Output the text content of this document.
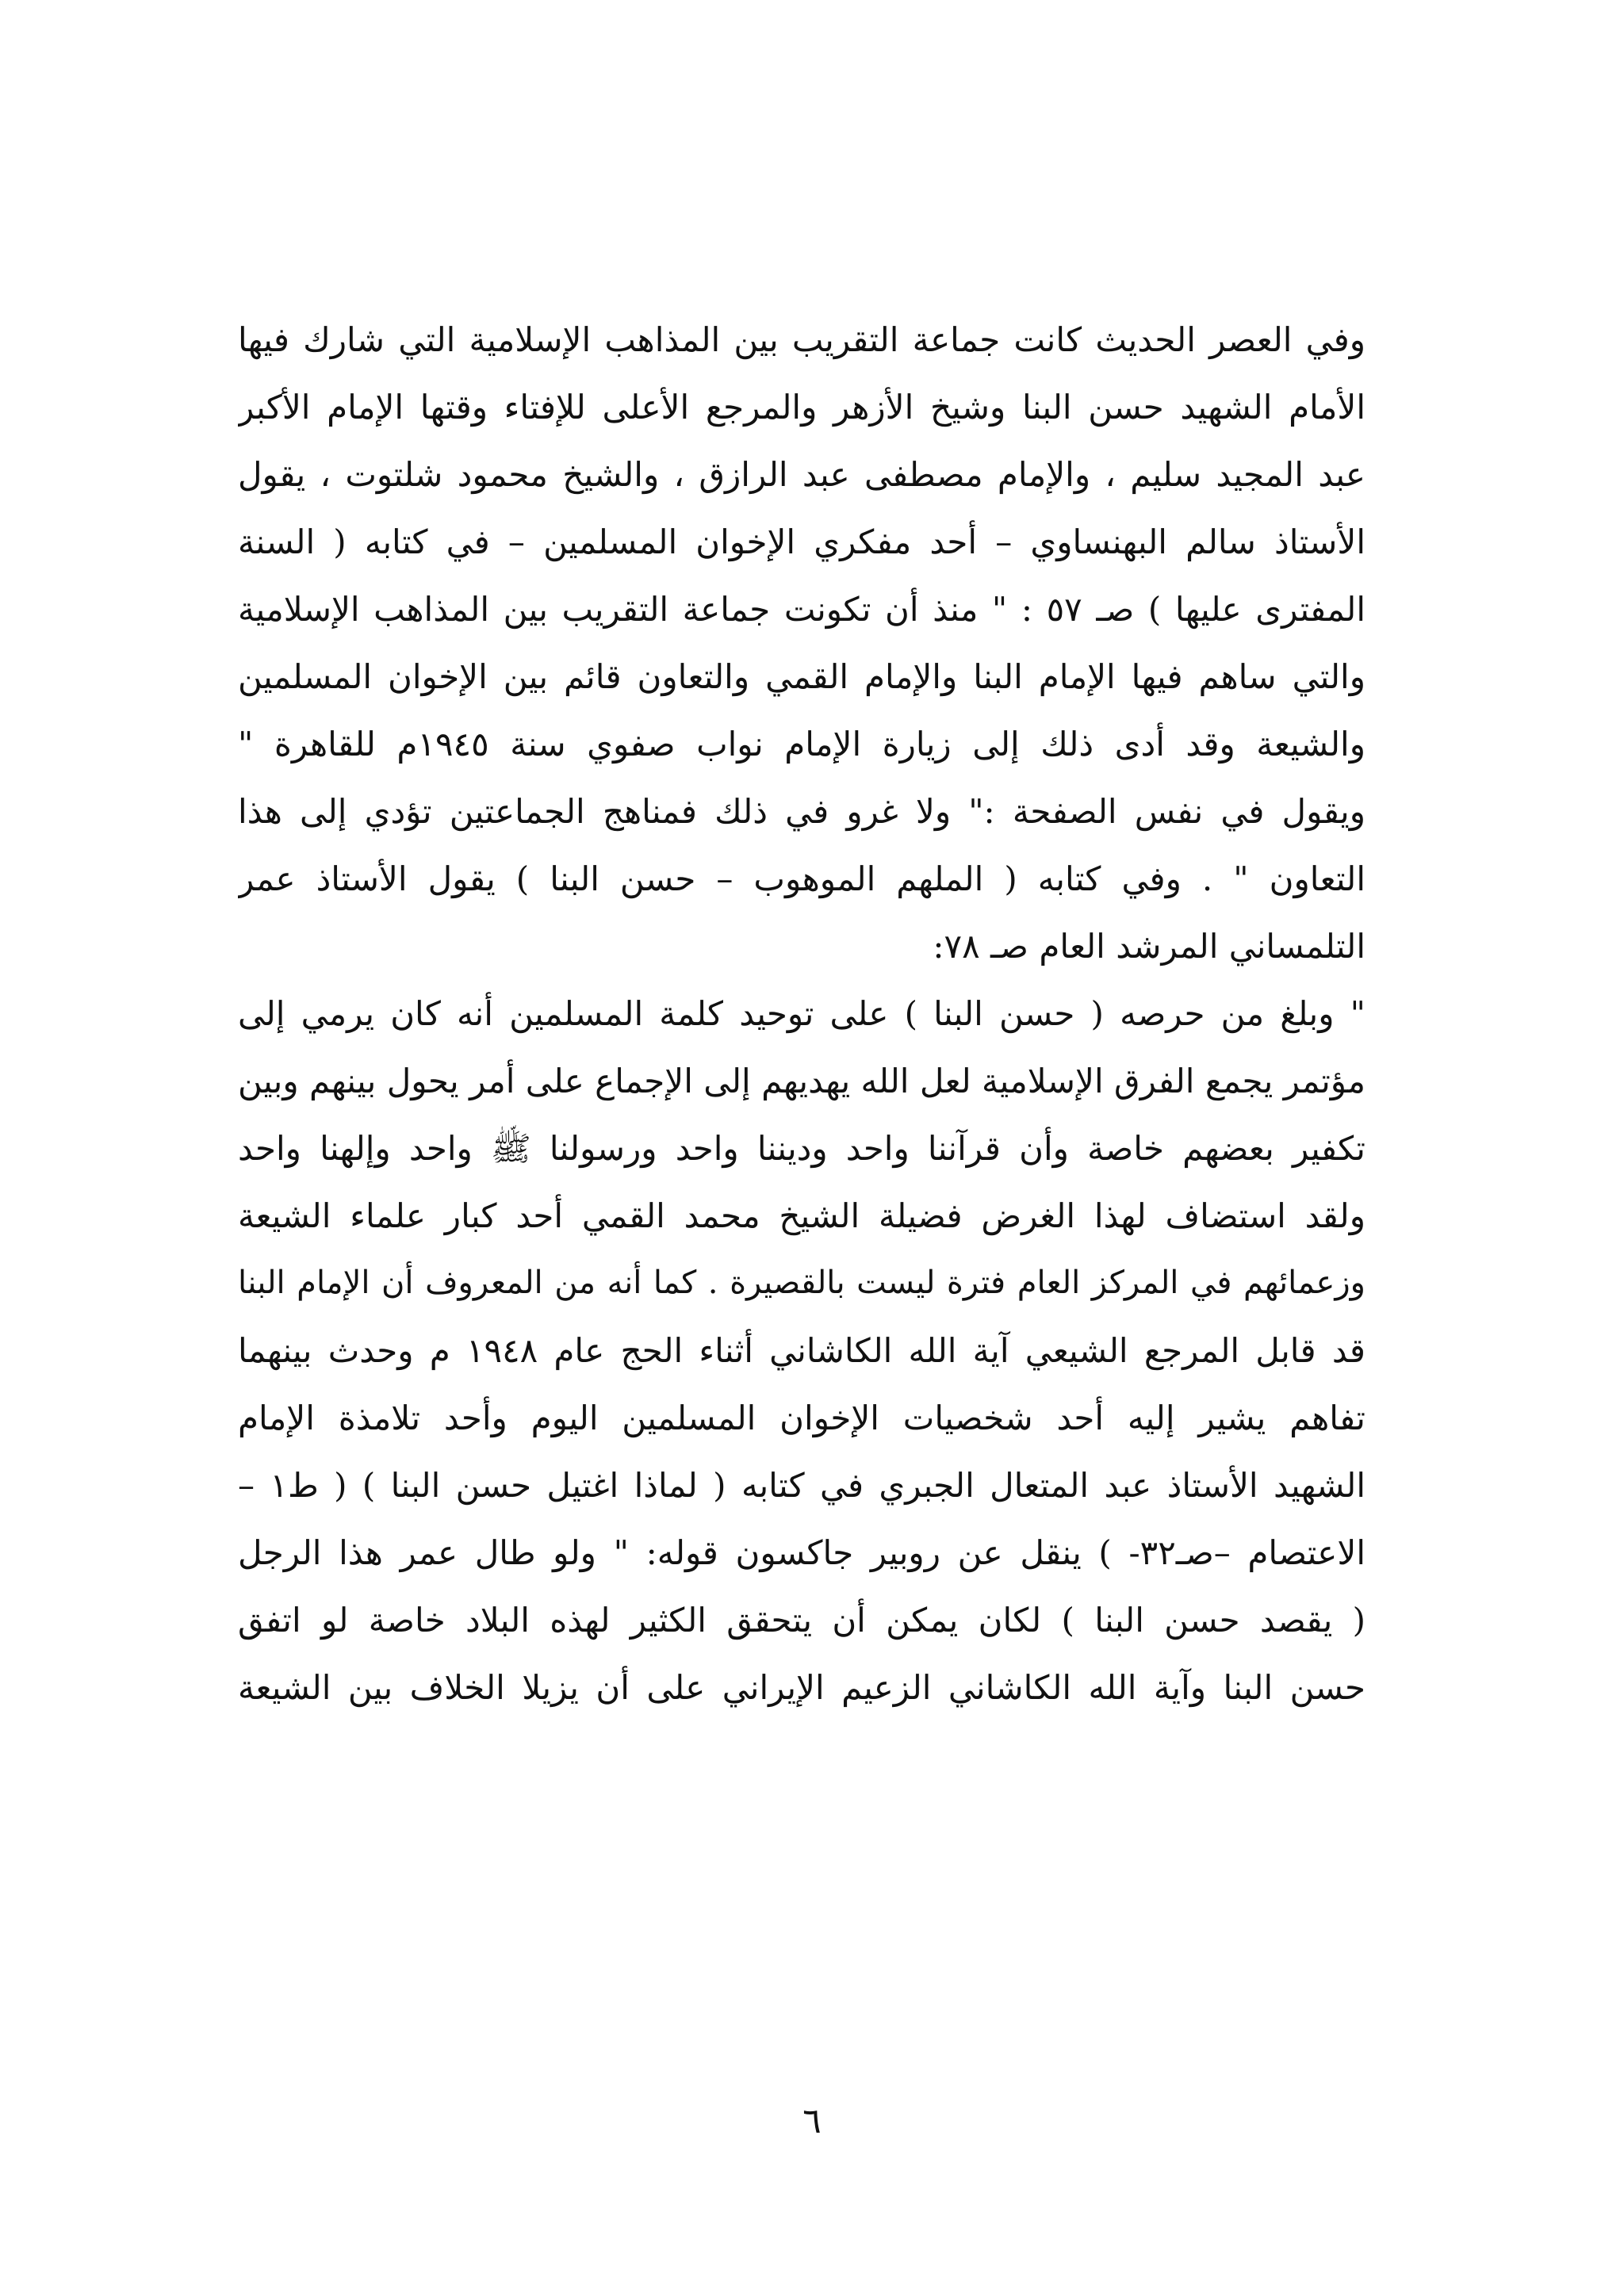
وفي العصر الحديث كانت جماعة التقريب بين المذاهب الإسلامية التي شارك فيها
الأمام الشهيد حسن البنا وشيخ الأزهر والمرجع الأعلى للإفتاء وقتها الإمام الأكبر
عبد المجيد سليم ، والإمام مصطفى عبد الرازق ، والشيخ محمود شلتوت ، يقول
الأستاذ سالم البهنساوي – أحد مفكري الإخوان المسلمين – في كتابه ( السنة
المفترى عليها ) صـ ٥٧ : " منذ أن تكونت جماعة التقريب بين المذاهب الإسلامية
والتي ساهم فيها الإمام البنا والإمام القمي والتعاون قائم بين الإخوان المسلمين
والشيعة وقد أدى ذلك إلى زيارة الإمام نواب صفوي سنة ١٩٤٥م للقاهرة "
ويقول في نفس الصفحة :" ولا غرو في ذلك فمناهج الجماعتين تؤدي إلى هذا
التعاون " . وفي كتابه ( الملهم الموهوب – حسن البنا ) يقول الأستاذ عمر
التلمساني المرشد العام صـ ٧٨:
" وبلغ من حرصه ( حسن البنا ) على توحيد كلمة المسلمين أنه كان يرمي إلى
مؤتمر يجمع الفرق الإسلامية لعل الله يهديهم إلى الإجماع على أمر يحول بينهم وبين
تكفير بعضهم خاصة وأن قرآننا واحد وديننا واحد ورسولنا ﷺ واحد وإلهنا واحد
ولقد استضاف لهذا الغرض فضيلة الشيخ محمد القمي أحد كبار علماء الشيعة
وزعمائهم في المركز العام فترة ليست بالقصيرة . كما أنه من المعروف أن الإمام البنا
قد قابل المرجع الشيعي آية الله الكاشاني أثناء الحج عام ١٩٤٨ م وحدث بينهما
تفاهم يشير إليه أحد شخصيات الإخوان المسلمين اليوم وأحد تلامذة الإمام
الشهيد الأستاذ عبد المتعال الجبري في كتابه ( لماذا اغتيل حسن البنا ) ( ط١ –
الاعتصام –صـ٣٢- ) ينقل عن روبير جاكسون قوله: " ولو طال عمر هذا الرجل
( يقصد حسن البنا ) لكان يمكن أن يتحقق الكثير لهذه البلاد خاصة لو اتفق
حسن البنا وآية الله الكاشاني الزعيم الإيراني على أن يزيلا الخلاف بين الشيعة
٦
